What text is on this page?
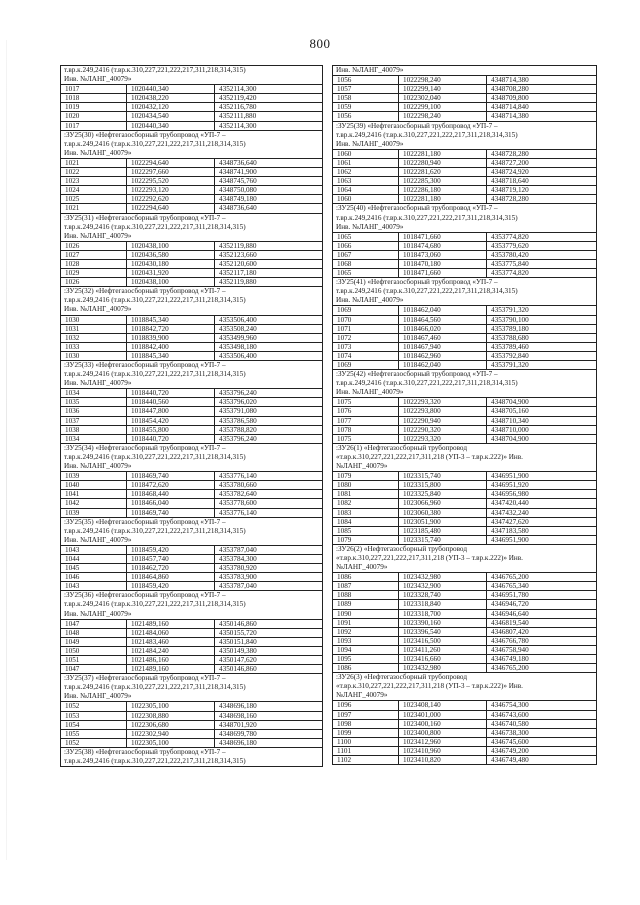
800
т.вр.к.249,2416 (т.вр.к.310,227,221,222,217,311,218,314,315)
Инв. №ЛАНГ_40079»
1017	1020440,340	4352114,300
1018	1020438,220	4352119,420
1019	1020432,120	4352116,780
1020	1020434,540	4352111,880
1017	1020440,340	4352114,300
:ЗУ25(30) «Нефтегазосборный трубопровод «УП-7 –
т.вр.к.249,2416 (т.вр.к.310,227,221,222,217,311,218,314,315)
Инв. №ЛАНГ_40079»
1021	1022294,640	4348736,640
1022	1022297,660	4348741,900
1023	1022295,520	4348745,760
1024	1022293,120	4348750,080
1025	1022292,620	4348749,180
1021	1022294,640	4348736,640
:ЗУ25(31) «Нефтегазосборный трубопровод «УП-7 –
т.вр.к.249,2416 (т.вр.к.310,227,221,222,217,311,218,314,315)
Инв. №ЛАНГ_40079»
1026	1020438,100	4352119,880
1027	1020436,580	4352123,660
1028	1020430,180	4352120,600
1029	1020431,920	4352117,180
1026	1020438,100	4352119,880
:ЗУ25(32) «Нефтегазосборный трубопровод «УП-7 –
т.вр.к.249,2416 (т.вр.к.310,227,221,222,217,311,218,314,315)
Инв. №ЛАНГ_40079»
1030	1018845,340	4353506,400
1031	1018842,720	4353508,240
1032	1018839,900	4353499,960
1033	1018842,400	4353498,180
1030	1018845,340	4353506,400
:ЗУ25(33) «Нефтегазосборный трубопровод «УП-7 –
т.вр.к.249,2416 (т.вр.к.310,227,221,222,217,311,218,314,315)
Инв. №ЛАНГ_40079»
1034	1018440,720	4353796,240
1035	1018440,560	4353796,020
1036	1018447,800	4353791,080
1037	1018454,420	4353786,580
1038	1018455,800	4353788,820
1034	1018440,720	4353796,240
:ЗУ25(34) «Нефтегазосборный трубопровод «УП-7 –
т.вр.к.249,2416 (т.вр.к.310,227,221,222,217,311,218,314,315)
Инв. №ЛАНГ_40079»
1039	1018469,740	4353776,140
1040	1018472,620	4353780,660
1041	1018468,440	4353782,640
1042	1018466,040	4353778,600
1039	1018469,740	4353776,140
:ЗУ25(35) «Нефтегазосборный трубопровод «УП-7 –
т.вр.к.249,2416 (т.вр.к.310,227,221,222,217,311,218,314,315)
Инв. №ЛАНГ_40079»
1043	1018459,420	4353787,040
1044	1018457,740	4353784,300
1045	1018462,720	4353780,920
1046	1018464,860	4353783,900
1043	1018459,420	4353787,040
:ЗУ25(36) «Нефтегазосборный трубопровод «УП-7 –
т.вр.к.249,2416 (т.вр.к.310,227,221,222,217,311,218,314,315)
Инв. №ЛАНГ_40079»
1047	1021489,160	4350146,860
1048	1021484,060	4350155,720
1049	1021483,460	4350151,840
1050	1021484,240	4350149,380
1051	1021486,160	4350147,620
1047	1021489,160	4350146,860
:ЗУ25(37) «Нефтегазосборный трубопровод «УП-7 –
т.вр.к.249,2416 (т.вр.к.310,227,221,222,217,311,218,314,315)
Инв. №ЛАНГ_40079»
1052	1022305,100	4348696,180
1053	1022308,880	4348698,160
1054	1022306,680	4348701,920
1055	1022302,940	4348699,780
1052	1022305,100	4348696,180
:ЗУ25(38) «Нефтегазосборный трубопровод «УП-7 –
т.вр.к.249,2416 (т.вр.к.310,227,221,222,217,311,218,314,315)
Инв. №ЛАНГ_40079»
1056	1022298,240	4348714,380
1057	1022299,140	4348708,280
1058	1022302,040	4348709,800
1059	1022299,100	4348714,840
1056	1022298,240	4348714,380
:ЗУ25(39) «Нефтегазосборный трубопровод «УП-7 –
т.вр.к.249,2416 (т.вр.к.310,227,221,222,217,311,218,314,315)
Инв. №ЛАНГ_40079»
1060	1022281,180	4348728,280
1061	1022280,940	4348727,200
1062	1022281,620	4348724,920
1063	1022285,300	4348718,640
1064	1022286,180	4348719,120
1060	1022281,180	4348728,280
:ЗУ25(40) «Нефтегазосборный трубопровод «УП-7 –
т.вр.к.249,2416 (т.вр.к.310,227,221,222,217,311,218,314,315)
Инв. №ЛАНГ_40079»
1065	1018471,660	4353774,820
1066	1018474,680	4353779,620
1067	1018473,060	4353780,420
1068	1018470,180	4353775,840
1065	1018471,660	4353774,820
:ЗУ25(41) «Нефтегазосборный трубопровод «УП-7 –
т.вр.к.249,2416 (т.вр.к.310,227,221,222,217,311,218,314,315)
Инв. №ЛАНГ_40079»
1069	1018462,040	4353791,320
1070	1018464,560	4353790,100
1071	1018466,020	4353789,180
1072	1018467,460	4353788,680
1073	1018467,940	4353789,460
1074	1018462,960	4353792,840
1069	1018462,040	4353791,320
:ЗУ25(42) «Нефтегазосборный трубопровод «УП-7 –
т.вр.к.249,2416 (т.вр.к.310,227,221,222,217,311,218,314,315)
Инв. №ЛАНГ_40079»
1075	1022293,320	4348704,900
1076	1022293,800	4348705,160
1077	1022290,940	4348710,340
1078	1022290,320	4348710,000
1075	1022293,320	4348704,900
:ЗУ26(1) «Нефтегазосборный трубопровод
«т.вр.к.310,227,221,222,217,311,218 (УП-3 – т.вр.к.222)» Инв.
№ЛАНГ_40079»
1079	1023315,740	4346951,900
1080	1023315,800	4346951,920
1081	1023325,840	4346956,980
1082	1023066,960	4347420,440
1083	1023060,380	4347432,240
1084	1023051,900	4347427,620
1085	1023185,480	4347183,580
1079	1023315,740	4346951,900
:ЗУ26(2) «Нефтегазосборный трубопровод
«т.вр.к.310,227,221,222,217,311,218 (УП-3 – т.вр.к.222)» Инв.
№ЛАНГ_40079»
1086	1023432,980	4346765,200
1087	1023432,900	4346765,340
1088	1023328,740	4346951,780
1089	1023318,840	4346946,720
1090	1023318,700	4346946,640
1091	1023390,160	4346819,540
1092	1023396,540	4346807,420
1093	1023416,500	4346766,780
1094	1023411,260	4346758,940
1095	1023416,660	4346749,180
1086	1023432,980	4346765,200
:ЗУ26(3) «Нефтегазосборный трубопровод
«т.вр.к.310,227,221,222,217,311,218 (УП-3 – т.вр.к.222)» Инв.
№ЛАНГ_40079»
1096	1023408,140	4346754,300
1097	1023401,000	4346743,600
1098	1023400,160	4346740,580
1099	1023400,800	4346738,300
1100	1023412,960	4346745,600
1101	1023410,960	4346749,200
1102	1023410,820	4346749,480
